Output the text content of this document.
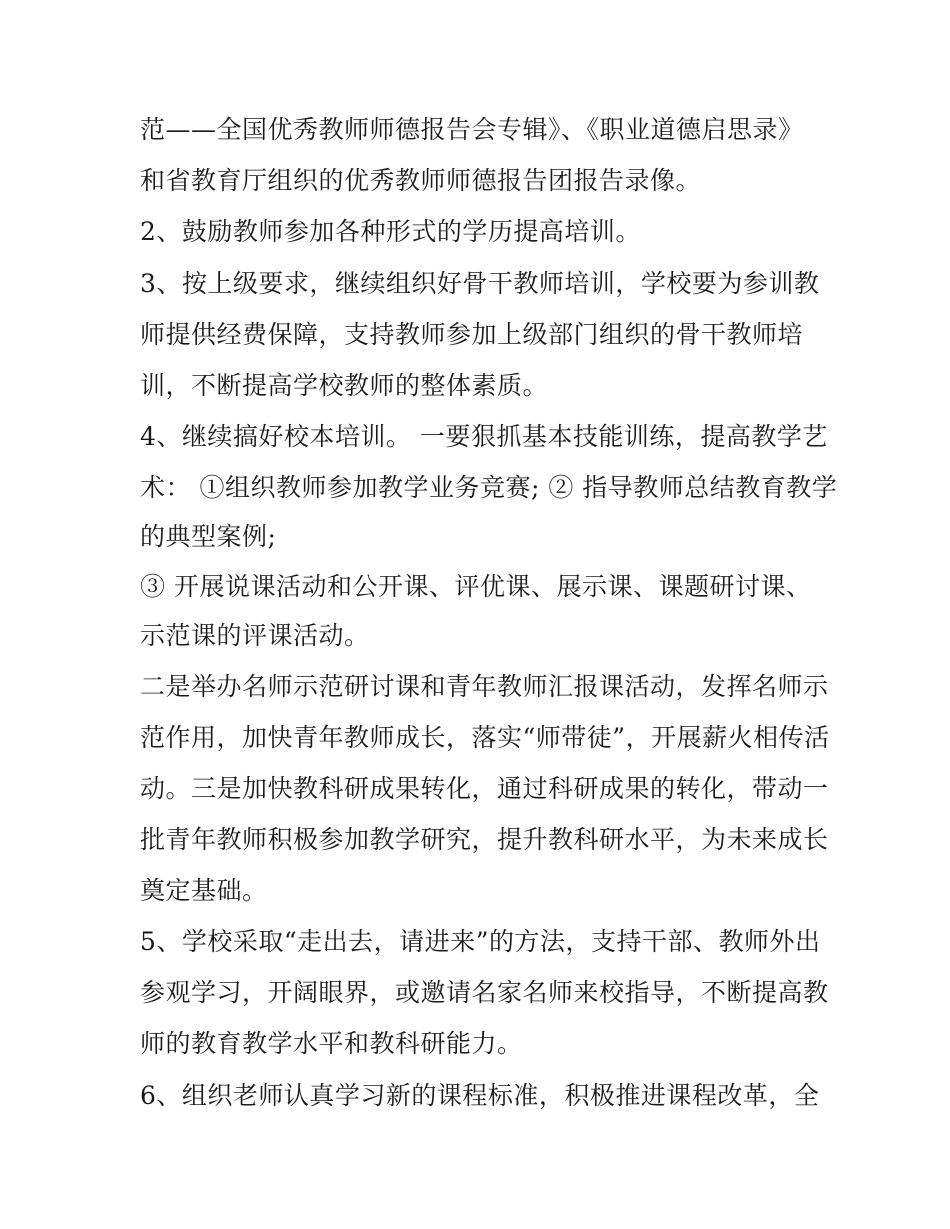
范——全国优秀教师师德报告会专辑》、《职业道德启思录》
和省教育厅组织的优秀教师师德报告团报告录像。
2、鼓励教师参加各种形式的学历提高培训。
3、按上级要求，继续组织好骨干教师培训，学校要为参训教
师提供经费保障，支持教师参加上级部门组织的骨干教师培
训，不断提高学校教师的整体素质。
4、继续搞好校本培训。 一要狠抓基本技能训练，提高教学艺
术： ①组织教师参加教学业务竞赛; ② 指导教师总结教育教学
的典型案例;
③ 开展说课活动和公开课、评优课、展示课、课题研讨课、
示范课的评课活动。
二是举办名师示范研讨课和青年教师汇报课活动，发挥名师示
范作用，加快青年教师成长，落实“师带徒”，开展薪火相传活
动。三是加快教科研成果转化，通过科研成果的转化，带动一
批青年教师积极参加教学研究，提升教科研水平，为未来成长
奠定基础。
5、学校采取“走出去，请进来”的方法，支持干部、教师外出
参观学习，开阔眼界，或邀请名家名师来校指导，不断提高教
师的教育教学水平和教科研能力。
6、组织老师认真学习新的课程标准，积极推进课程改革，全
